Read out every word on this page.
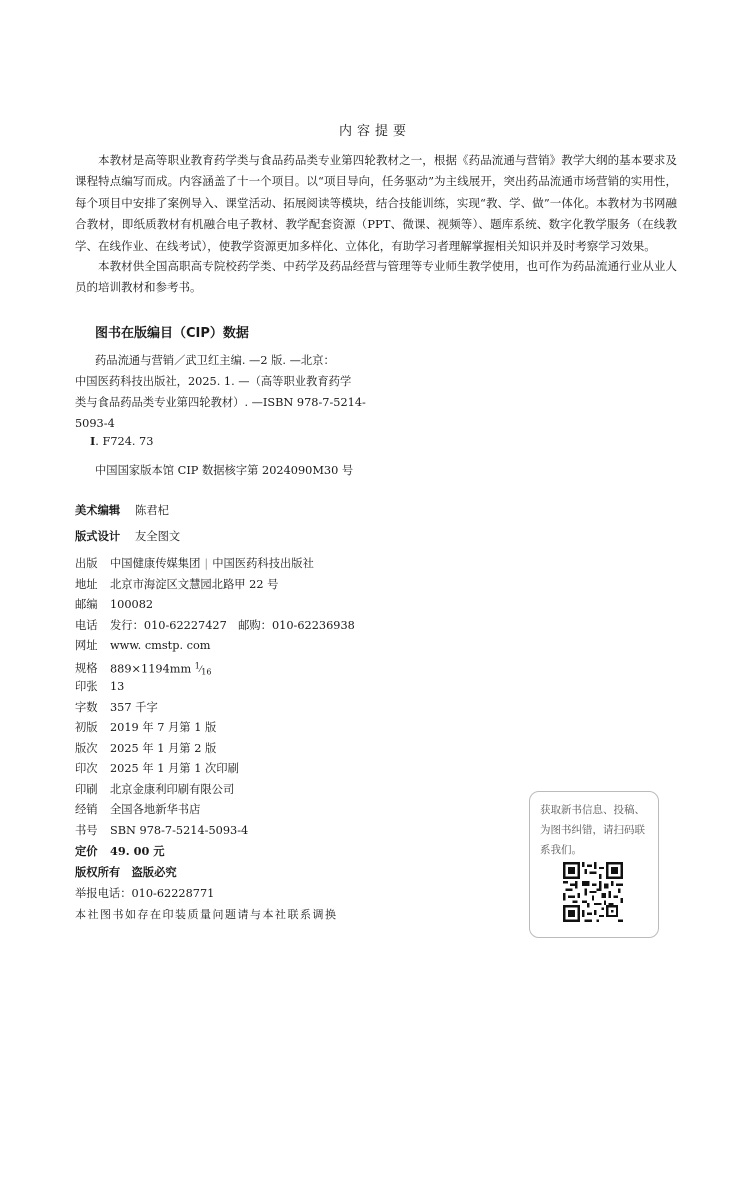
内容提要
本教材是高等职业教育药学类与食品药品类专业第四轮教材之一，根据《药品流通与营销》教学大纲的基本要求及课程特点编写而成。内容涵盖了十一个项目。以“项目导向，任务驱动”为主线展开，突出药品流通市场营销的实用性，每个项目中安排了案例导入、课堂活动、拓展阅读等模块，结合技能训练，实现“教、学、做”一体化。本教材为书网融合教材，即纸质教材有机融合电子教材、教学配套资源（PPT、微课、视频等）、题库系统、数字化教学服务（在线教学、在线作业、在线考试），使教学资源更加多样化、立体化，有助学习者理解掌握相关知识并及时考察学习效果。
本教材供全国高职高专院校药学类、中药学及药品经营与管理等专业师生教学使用，也可作为药品流通行业从业人员的培训教材和参考书。
图书在版编目（CIP）数据
药品流通与营销／武卫红主编. —2 版. —北京：
中国医药科技出版社，2025. 1. —（高等职业教育药学
类与食品药品类专业第四轮教材）. —ISBN 978-7-5214-
5093-4
Ⅰ. F724. 73
中国国家版本馆 CIP 数据核字第 2024090M30 号
美术编辑 陈君杞
版式设计 友全图文
出版 中国健康传媒集团 | 中国医药科技出版社
地址 北京市海淀区文慧园北路甲 22 号
邮编 100082
电话 发行：010-62227427　邮购：010-62236938
网址 www. cmstp. com
规格 889×1194mm 1⁄16
印张 13
字数 357 千字
初版 2019 年 7 月第 1 版
版次 2025 年 1 月第 2 版
印次 2025 年 1 月第 1 次印刷
印刷 北京金康利印刷有限公司
经销 全国各地新华书店
书号 SBN 978-7-5214-5093-4
定价 49. 00 元
版权所有　盗版必究
举报电话：010-62228771
本社图书如存在印装质量问题请与本社联系调换
获取新书信息、投稿、为图书纠错，请扫码联系我们。
